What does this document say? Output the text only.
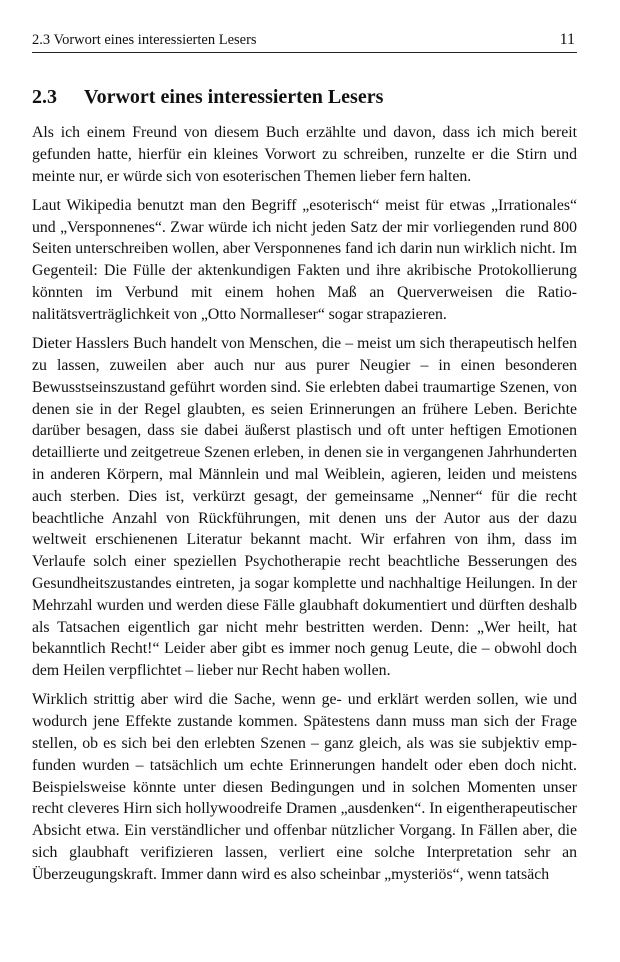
2.3 Vorwort eines interessierten Lesers	11
2.3	Vorwort eines interessierten Lesers

Als ich einem Freund von diesem Buch erzählte und davon, dass ich mich bereit gefunden hatte, hierfür ein kleines Vorwort zu schreiben, runzelte er die Stirn und meinte nur, er würde sich von esoterischen Themen lieber fern halten.

Laut Wikipedia benutzt man den Begriff „esoterisch“ meist für etwas „Irrationales“ und „Versponnenes“. Zwar würde ich nicht jeden Satz der mir vorliegenden rund 800 Seiten unterschreiben wollen, aber Versponnenes fand ich darin nun wirklich nicht. Im Gegenteil: Die Fülle der aktenkundigen Fakten und ihre akribische Protokollierung könnten im Verbund mit einem hohen Maß an Querverweisen die Rationalitätsverträglichkeit von „Otto Normalleser“ sogar strapazieren.

Dieter Hasslers Buch handelt von Menschen, die – meist um sich therapeutisch helfen zu lassen, zuweilen aber auch nur aus purer Neugier – in einen besonderen Bewusstseinszustand geführt worden sind. Sie erlebten dabei traumartige Szenen, von denen sie in der Regel glaubten, es seien Erinnerungen an frühere Leben. Berichte darüber besagen, dass sie dabei äußerst plastisch und oft unter heftigen Emotionen detaillierte und zeitgetreue Szenen erleben, in denen sie in vergangenen Jahrhunderten in anderen Körpern, mal Männlein und mal Weiblein, agieren, leiden und meistens auch sterben. Dies ist, verkürzt gesagt, der gemeinsame „Nenner“ für die recht beachtliche Anzahl von Rückführungen, mit denen uns der Autor aus der dazu weltweit erschienenen Literatur bekannt macht. Wir erfahren von ihm, dass im Verlaufe solch einer speziellen Psychotherapie recht beachtliche Besserungen des Gesundheitszustandes eintreten, ja sogar komplette und nachhaltige Heilungen. In der Mehrzahl wurden und werden diese Fälle glaubhaft dokumentiert und dürften deshalb als Tatsachen eigentlich gar nicht mehr bestritten werden. Denn: „Wer heilt, hat bekanntlich Recht!“ Leider aber gibt es immer noch genug Leute, die – obwohl doch dem Heilen verpflichtet – lieber nur Recht haben wollen.

Wirklich strittig aber wird die Sache, wenn ge- und erklärt werden sollen, wie und wodurch jene Effekte zustande kommen. Spätestens dann muss man sich der Frage stellen, ob es sich bei den erlebten Szenen – ganz gleich, als was sie subjektiv empfunden wurden – tatsächlich um echte Erinnerungen handelt oder eben doch nicht. Beispielsweise könnte unter diesen Bedingungen und in solchen Momenten unser recht cleveres Hirn sich hollywoodreife Dramen „ausdenken“. In eigentherapeutischer Absicht etwa. Ein verständlicher und offenbar nützlicher Vorgang. In Fällen aber, die sich glaubhaft verifizieren lassen, verliert eine solche Interpretation sehr an Überzeugungskraft. Immer dann wird es also scheinbar „mysteriös“, wenn tatsäch
